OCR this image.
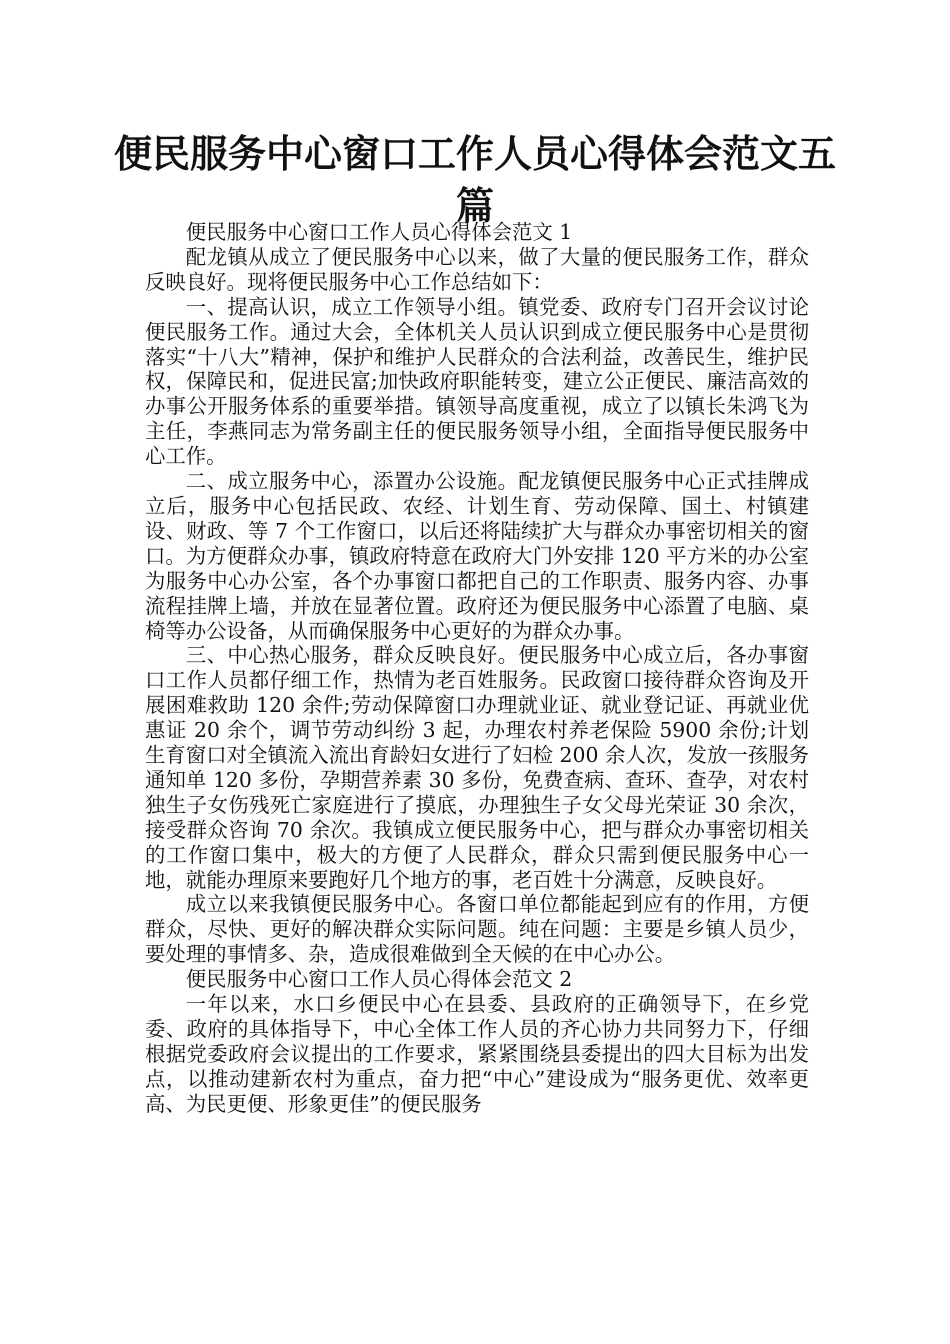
便民服务中心窗口工作人员心得体会范文五篇

便民服务中心窗口工作人员心得体会范文 1

配龙镇从成立了便民服务中心以来，做了大量的便民服务工作，群众反映良好。现将便民服务中心工作总结如下：

一、提高认识，成立工作领导小组。镇党委、政府专门召开会议讨论便民服务工作。通过大会，全体机关人员认识到成立便民服务中心是贯彻落实“十八大”精神，保护和维护人民群众的合法利益，改善民生，维护民权，保障民和，促进民富;加快政府职能转变，建立公正便民、廉洁高效的办事公开服务体系的重要举措。镇领导高度重视，成立了以镇长朱鸿飞为主任，李燕同志为常务副主任的便民服务领导小组，全面指导便民服务中心工作。

二、成立服务中心，添置办公设施。配龙镇便民服务中心正式挂牌成立后，服务中心包括民政、农经、计划生育、劳动保障、国土、村镇建设、财政、等 7 个工作窗口，以后还将陆续扩大与群众办事密切相关的窗口。为方便群众办事，镇政府特意在政府大门外安排 120 平方米的办公室为服务中心办公室，各个办事窗口都把自己的工作职责、服务内容、办事流程挂牌上墙，并放在显著位置。政府还为便民服务中心添置了电脑、桌椅等办公设备，从而确保服务中心更好的为群众办事。

三、中心热心服务，群众反映良好。便民服务中心成立后，各办事窗口工作人员都仔细工作，热情为老百姓服务。民政窗口接待群众咨询及开展困难救助 120 余件;劳动保障窗口办理就业证、就业登记证、再就业优惠证 20 余个，调节劳动纠纷 3 起，办理农村养老保险 5900 余份;计划生育窗口对全镇流入流出育龄妇女进行了妇检 200 余人次，发放一孩服务通知单 120 多份，孕期营养素 30 多份，免费查病、查环、查孕，对农村独生子女伤残死亡家庭进行了摸底，办理独生子女父母光荣证 30 余次，接受群众咨询 70 余次。我镇成立便民服务中心，把与群众办事密切相关的工作窗口集中，极大的方便了人民群众，群众只需到便民服务中心一地，就能办理原来要跑好几个地方的事，老百姓十分满意，反映良好。

成立以来我镇便民服务中心。各窗口单位都能起到应有的作用，方便群众，尽快、更好的解决群众实际问题。纯在问题：主要是乡镇人员少，要处理的事情多、杂，造成很难做到全天候的在中心办公。

便民服务中心窗口工作人员心得体会范文 2

一年以来，水口乡便民中心在县委、县政府的正确领导下，在乡党委、政府的具体指导下，中心全体工作人员的齐心协力共同努力下，仔细根据党委政府会议提出的工作要求，紧紧围绕县委提出的四大目标为出发点，以推动建新农村为重点，奋力把“中心”建设成为“服务更优、效率更高、为民更便、形象更佳”的便民服务
